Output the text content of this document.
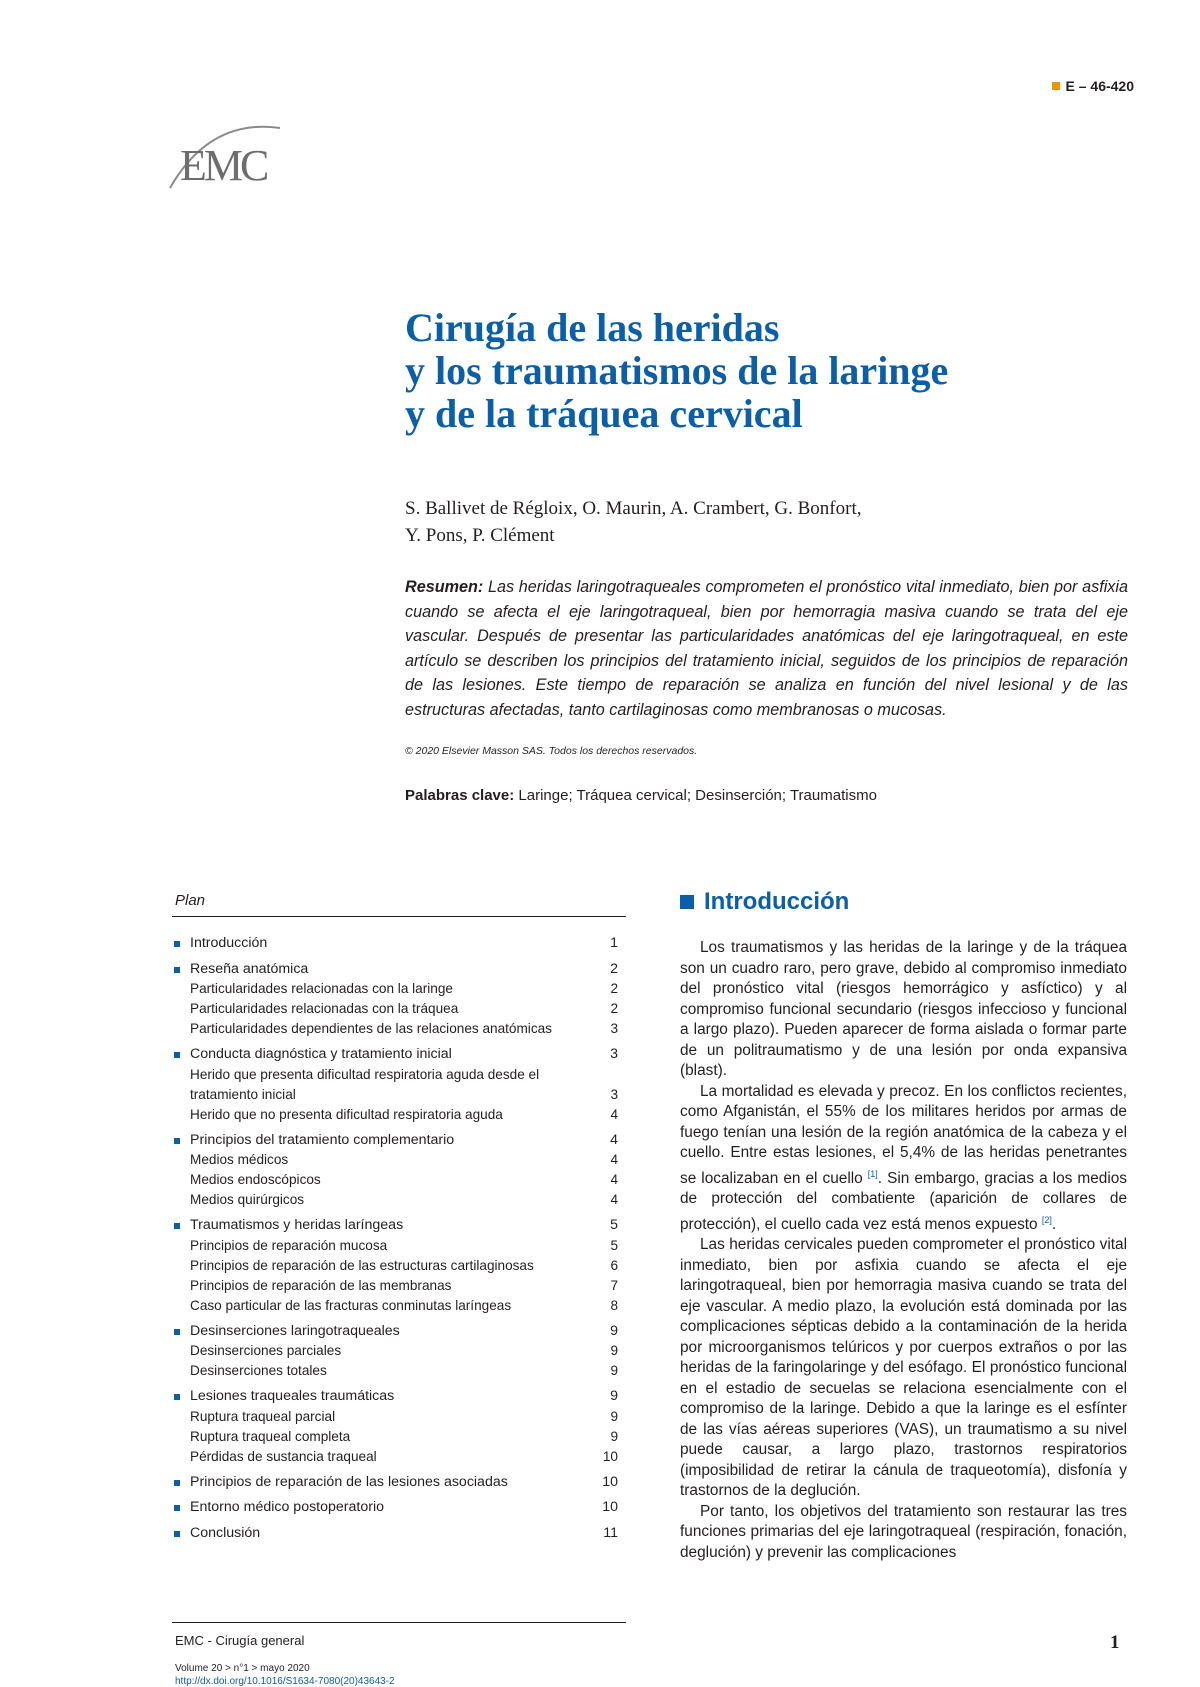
E – 46-420
EMC
Cirugía de las heridas
y los traumatismos de la laringe
y de la tráquea cervical
S. Ballivet de Régloix, O. Maurin, A. Crambert, G. Bonfort,
Y. Pons, P. Clément

Resumen: Las heridas laringotraqueales comprometen el pronóstico vital inmediato, bien por asfixia cuando se afecta el eje laringotraqueal, bien por hemorragia masiva cuando se trata del eje vascular. Después de presentar las particularidades anatómicas del eje laringotraqueal, en este artículo se describen los principios del tratamiento inicial, seguidos de los principios de reparación de las lesiones. Este tiempo de reparación se analiza en función del nivel lesional y de las estructuras afectadas, tanto cartilaginosas como membranosas o mucosas.

© 2020 Elsevier Masson SAS. Todos los derechos reservados.
Palabras clave: Laringe; Tráquea cervical; Desinserción; Traumatismo
Plan
Introducción	1
Reseña anatómica	2
Particularidades relacionadas con la laringe	2
Particularidades relacionadas con la tráquea	2
Particularidades dependientes de las relaciones anatómicas	3
Conducta diagnóstica y tratamiento inicial	3
Herido que presenta dificultad respiratoria aguda desde el tratamiento inicial	3
Herido que no presenta dificultad respiratoria aguda	4
Principios del tratamiento complementario	4
Medios médicos	4
Medios endoscópicos	4
Medios quirúrgicos	4
Traumatismos y heridas laríngeas	5
Principios de reparación mucosa	5
Principios de reparación de las estructuras cartilaginosas	6
Principios de reparación de las membranas	7
Caso particular de las fracturas conminutas laríngeas	8
Desinserciones laringotraqueales	9
Desinserciones parciales	9
Desinserciones totales	9
Lesiones traqueales traumáticas	9
Ruptura traqueal parcial	9
Ruptura traqueal completa	9
Pérdidas de sustancia traqueal	10
Principios de reparación de las lesiones asociadas	10
Entorno médico postoperatorio	10
Conclusión	11
Introducción

Los traumatismos y las heridas de la laringe y de la tráquea son un cuadro raro, pero grave, debido al compromiso inmediato del pronóstico vital (riesgos hemorrágico y asfíctico) y al compromiso funcional secundario (riesgos infeccioso y funcional a largo plazo). Pueden aparecer de forma aislada o formar parte de un politraumatismo y de una lesión por onda expansiva (blast).

La mortalidad es elevada y precoz. En los conflictos recientes, como Afganistán, el 55% de los militares heridos por armas de fuego tenían una lesión de la región anatómica de la cabeza y el cuello. Entre estas lesiones, el 5,4% de las heridas penetrantes se localizaban en el cuello [1]. Sin embargo, gracias a los medios de protección del combatiente (aparición de collares de protección), el cuello cada vez está menos expuesto [2].

Las heridas cervicales pueden comprometer el pronóstico vital inmediato, bien por asfixia cuando se afecta el eje laringotraqueal, bien por hemorragia masiva cuando se trata del eje vascular. A medio plazo, la evolución está dominada por las complicaciones sépticas debido a la contaminación de la herida por microorganismos telúricos y por cuerpos extraños o por las heridas de la faringolaringe y del esófago. El pronóstico funcional en el estadio de secuelas se relaciona esencialmente con el compromiso de la laringe. Debido a que la laringe es el esfínter de las vías aéreas superiores (VAS), un traumatismo a su nivel puede causar, a largo plazo, trastornos respiratorios (imposibilidad de retirar la cánula de traqueotomía), disfonía y trastornos de la deglución.

Por tanto, los objetivos del tratamiento son restaurar las tres funciones primarias del eje laringotraqueal (respiración, fonación, deglución) y prevenir las complicaciones

EMC - Cirugía general	1
Volume 20 > n°1 > mayo 2020
http://dx.doi.org/10.1016/S1634-7080(20)43643-2
